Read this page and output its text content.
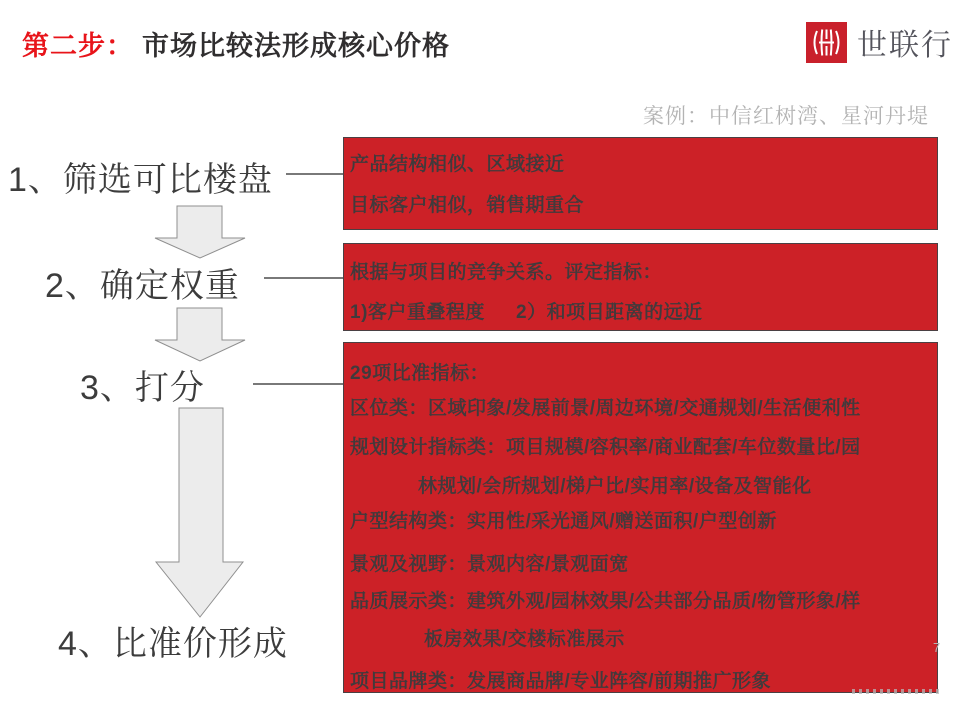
第二步： 市场比较法形成核心价格	世联行
案例：中信红树湾、星河丹堤
1、筛选可比楼盘
2、确定权重
3、打分
4、比准价形成
产品结构相似、区域接近
目标客户相似，销售期重合
根据与项目的竞争关系。评定指标：
1)客户重叠程度 2）和项目距离的远近
29项比准指标：
区位类：区域印象/发展前景/周边环境/交通规划/生活便利性
规划设计指标类：项目规模/容积率/商业配套/车位数量比/园
林规划/会所规划/梯户比/实用率/设备及智能化
户型结构类：实用性/采光通风/赠送面积/户型创新
景观及视野：景观内容/景观面宽
品质展示类：建筑外观/园林效果/公共部分品质/物管形象/样
板房效果/交楼标准展示
项目品牌类：发展商品牌/专业阵容/前期推广形象
7
